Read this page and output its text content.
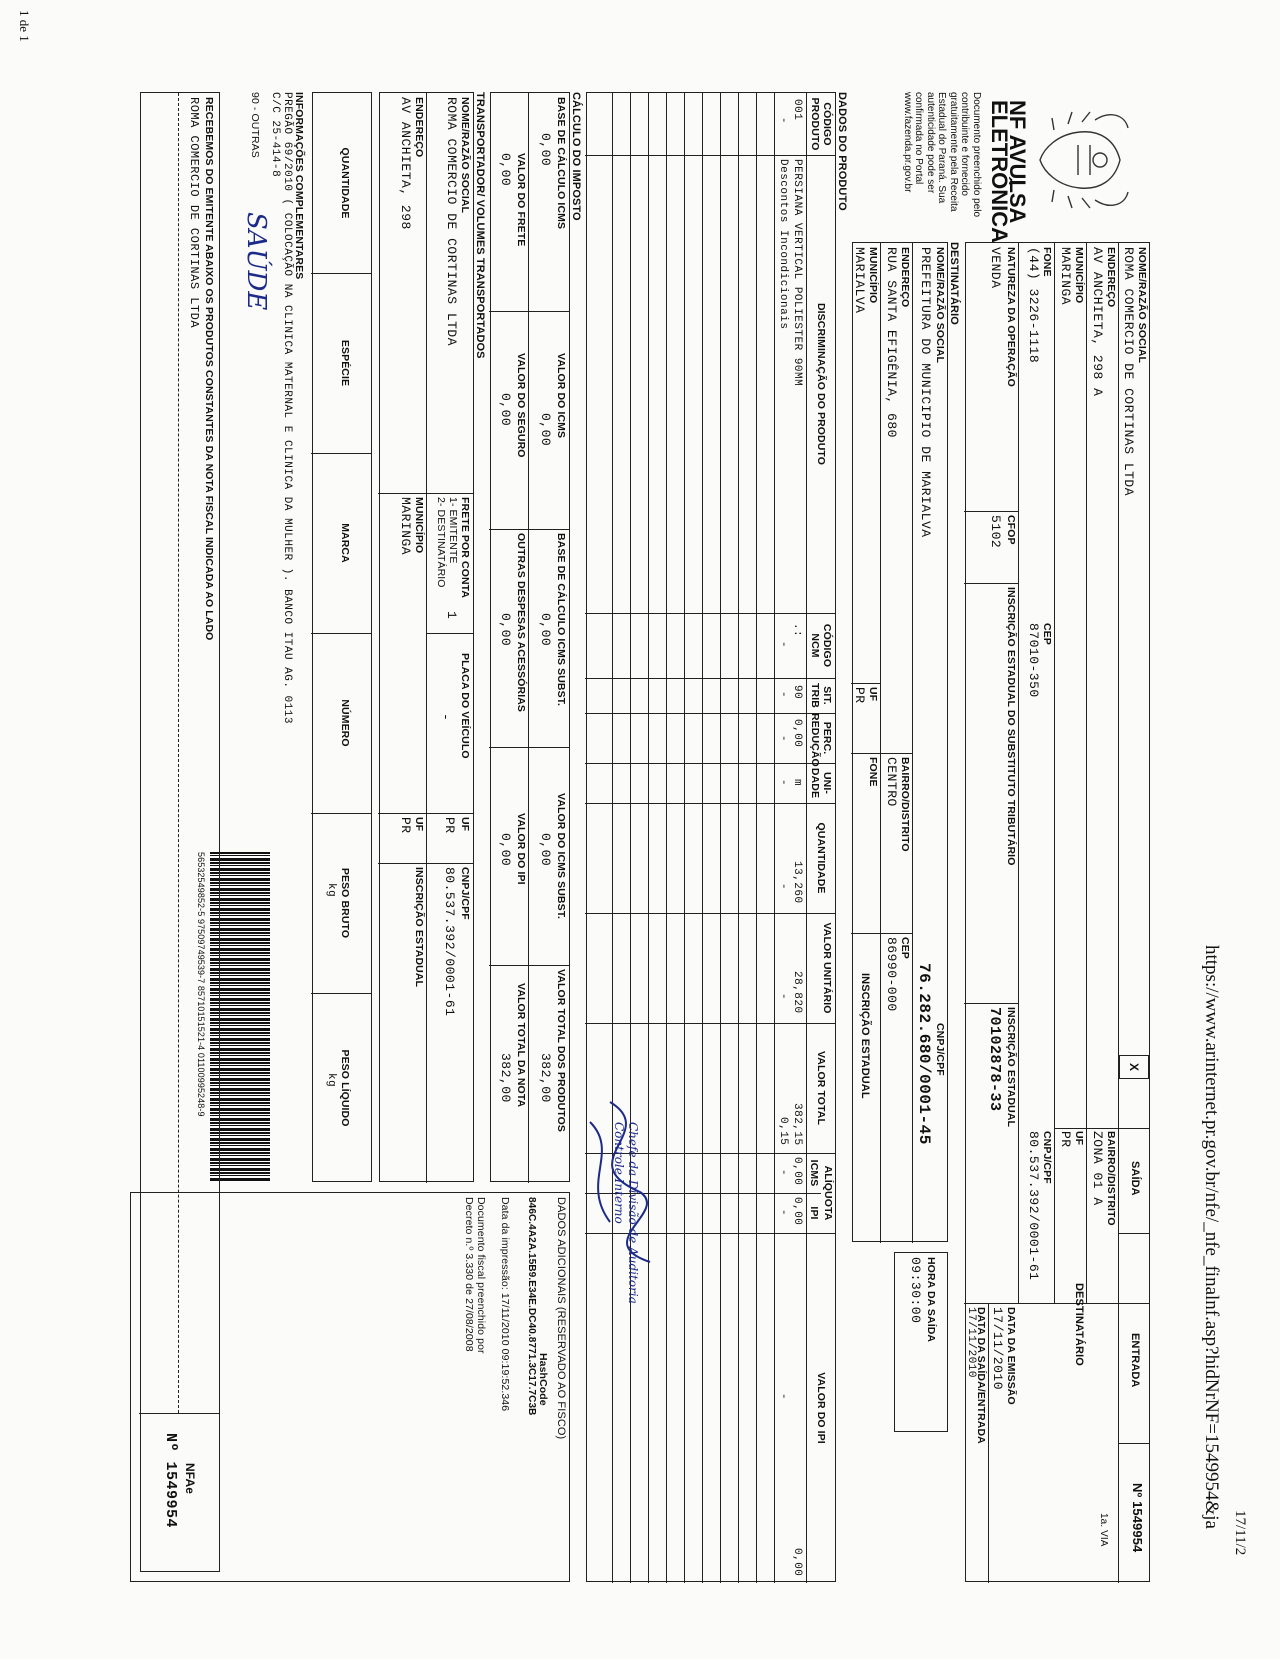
1 de 1
https://www.arinternet.pr.gov.br/nfe/_nfe_finalnf.asp?hidNrNF=1549954&ja
17/11/2
NF AVULSA
ELETRÔNICA
Documento preenchido pelo
contribuinte e fornecido
gratuitamente pela Receita
Estadual do Paraná. Sua
autenticidade pode ser
confirmada no Portal
www.fazenda.pr.gov.br
NOME/RAZÃO SOCIAL
ROMA COMERCIO DE CORTINAS LTDA
ENDEREÇO
AV ANCHIETA, 298 A
MUNICÍPIO
MARINGA
FONE
(44) 3226-1118
CEP
87010-350
X
SAÍDA
ENTRADA
Nº 1549954
BAIRRO/DISTRITO
ZONA 01 A
UF
PR
CNPJ/CPF
80.537.392/0001-61
DESTINATÁRIO
1a. VIA
NATUREZA DA OPERAÇÃO
VENDA
CFOP
5102
INSCRIÇÃO ESTADUAL DO SUBSTITUTO TRIBUTÁRIO
INSCRIÇÃO ESTADUAL
70102878-33
DATA DA EMISSÃO
17/11/2010
DATA DA SAÍDA/ENTRADA
17/11/2010
DESTINATÁRIO
NOME/RAZÃO SOCIAL
PREFEITURA DO MUNICIPIO DE MARIALVA
CNPJ/CPF
76.282.680/0001-45
ENDEREÇO
RUA SANTA EFIGÊNIA, 680
BAIRRO/DISTRITO
CENTRO
CEP
86990-000
MUNICÍPIO
MARIALVA
UF
PR
FONE
INSCRIÇÃO ESTADUAL
HORA DA SAÍDA
09:30:00
DADOS DO PRODUTO
CÓDIGO PRODUTO
DISCRIMINAÇÃO DO PRODUTO
CÓDIGO NCM
SIT. TRIB
PERC. REDUÇÃO
UNI- DADE
QUANTIDADE
VALOR UNITÁRIO
VALOR TOTAL
ALÍQUOTA
ICMS
IPI
VALOR DO IPI
001
PERSIANA VERTICAL POLIESTER 90MM
.:
90
0,00
m
13,260
28,820
382,15
0,00
0,00
0,00
-
Descontos Incondicionais
-
-
-
-
-
-
0,15
-
-
-
CÁLCULO DO IMPOSTO
BASE DE CÁLCULO ICMS
0,00
VALOR DO ICMS
0,00
BASE DE CÁLCULO ICMS SUBST.
0,00
VALOR DO ICMS SUBST.
0,00
VALOR TOTAL DOS PRODUTOS
382,00
VALOR DO FRETE
0,00
VALOR DO SEGURO
0,00
OUTRAS DESPESAS ACESSÓRIAS
0,00
VALOR DO IPI
0,00
VALOR TOTAL DA NOTA
382,00
DADOS ADICIONAIS (RESERVADO AO FISCO)
HashCode
846C.4A2A.15B9.E34E.DC40.8771.3C17.7C3B
Data da impressão: 17/11/2010 09:19:52.346
Documento fiscal preenchido por
Decreto n.º 3.330 de 27/08/2008	Chefe da Divisão de Auditoria
Controle Interno
TRANSPORTADOR/ VOLUMES TRANSPORTADOS
NOME/RAZÃO SOCIAL
ROMA COMERCIO DE CORTINAS LTDA
FRETE POR CONTA
1- EMITENTE
2- DESTINATÁRIO
1
PLACA DO VEÍCULO
-
UF
PR
CNPJ/CPF
80.537.392/0001-61
ENDEREÇO
AV ANCHIETA, 298
MUNICÍPIO
MARINGA
UF
PR
INSCRIÇÃO ESTADUAL
QUANTIDADE
ESPÉCIE
MARCA
NÚMERO
PESO BRUTO
kg
PESO LÍQUIDO
kg
INFORMAÇÕES COMPLEMENTARES
PREGÃO 69/2010 ( COLOCAÇÃO NA CLINICA MATERNAL E CLINICA DA MULHER ). BANCO ITAU AG. 0113
C/C 25-414-8
90 - OUTRAS
SAÚDE
56532549852-5 97509749539-7 85710151521-4 01100995248-9
RECEBEMOS DO EMITENTE ABAIXO OS PRODUTOS CONSTANTES DA NOTA FISCAL INDICADA AO LADO
ROMA COMERCIO DE CORTINAS LTDA
NFAe
Nº 1549954
